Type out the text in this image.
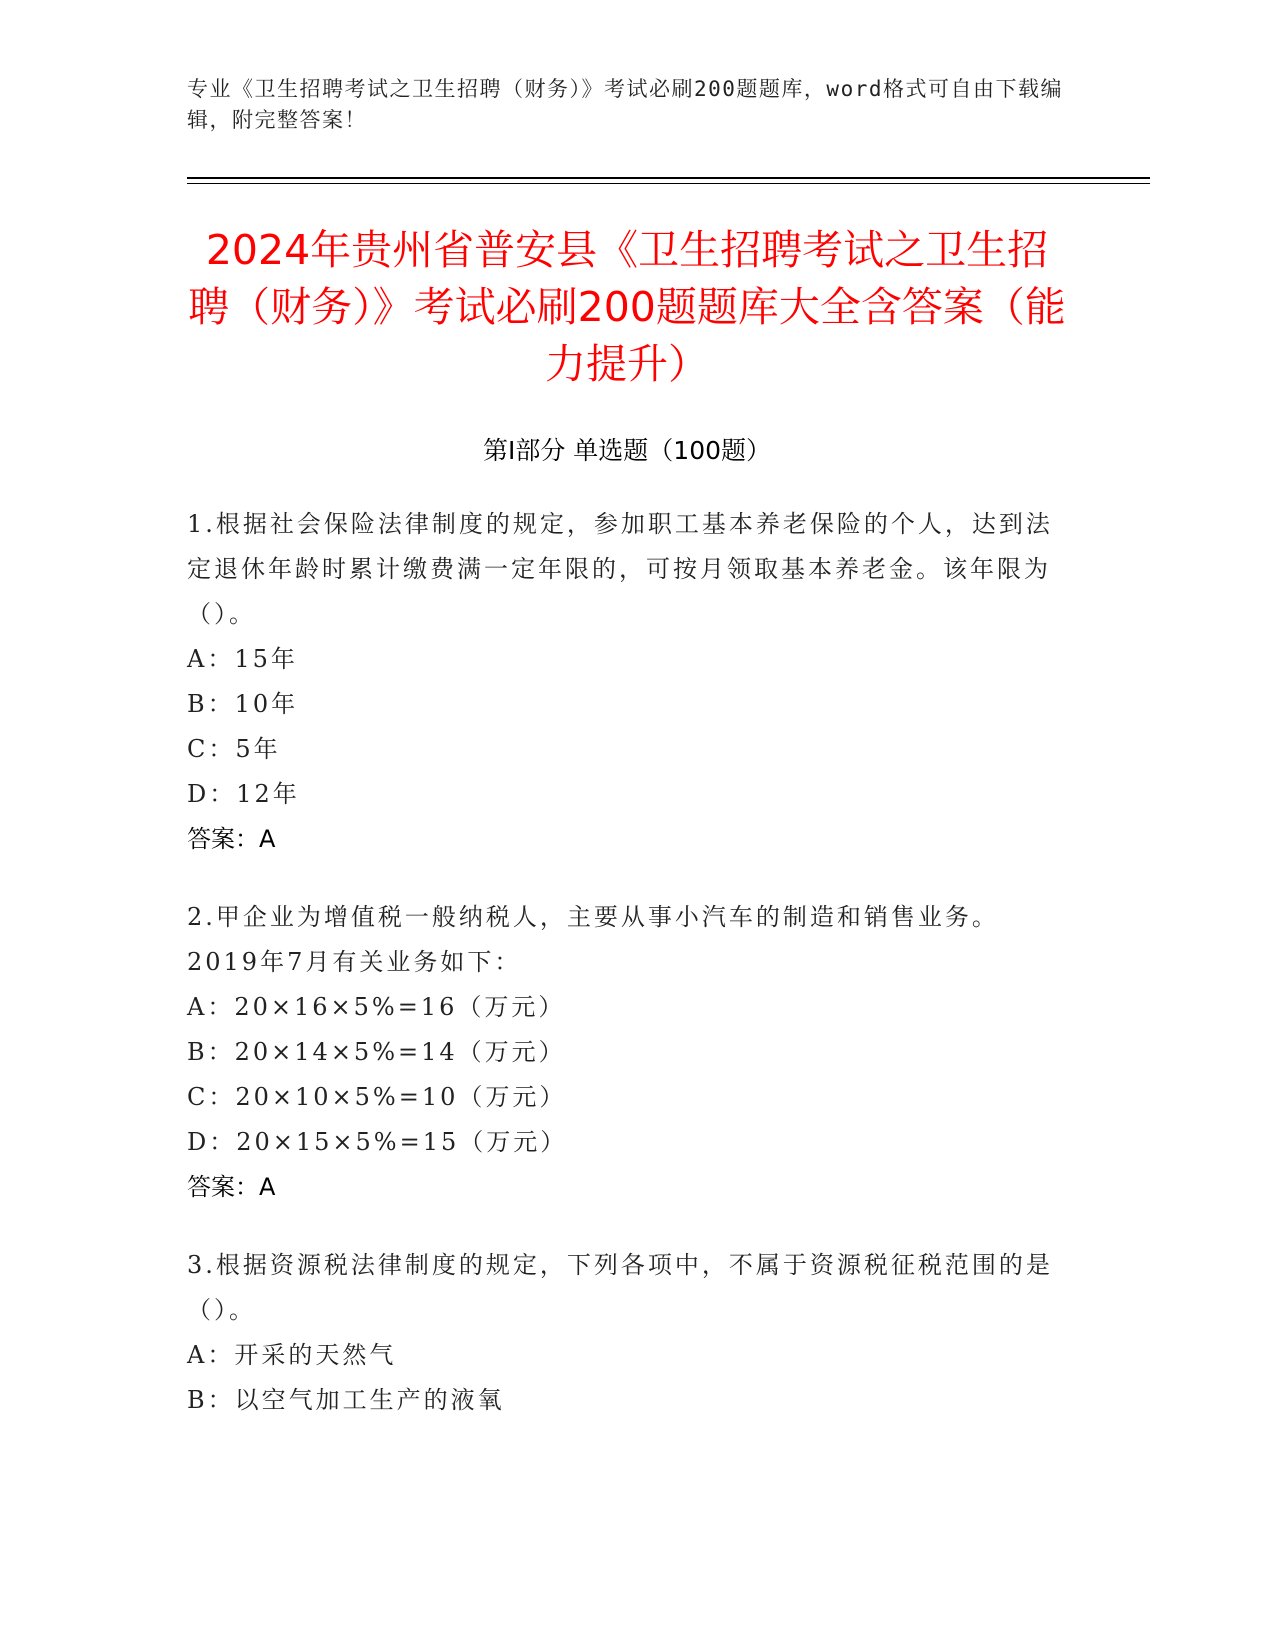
专业《卫生招聘考试之卫生招聘（财务）》考试必刷200题题库，word格式可自由下载编辑，附完整答案！
2024年贵州省普安县《卫生招聘考试之卫生招聘（财务）》考试必刷200题题库大全含答案（能力提升）
第I部分 单选题（100题）

1.根据社会保险法律制度的规定，参加职工基本养老保险的个人，达到法定退休年龄时累计缴费满一定年限的，可按月领取基本养老金。该年限为（）。

A：15年

B：10年

C：5年

D：12年

答案：A

2.甲企业为增值税一般纳税人，主要从事小汽车的制造和销售业务。2019年7月有关业务如下：

A：20×16×5%=16（万元）

B：20×14×5%=14（万元）

C：20×10×5%=10（万元）

D：20×15×5%=15（万元）

答案：A

3.根据资源税法律制度的规定，下列各项中，不属于资源税征税范围的是（）。

A：开采的天然气

B：以空气加工生产的液氧
